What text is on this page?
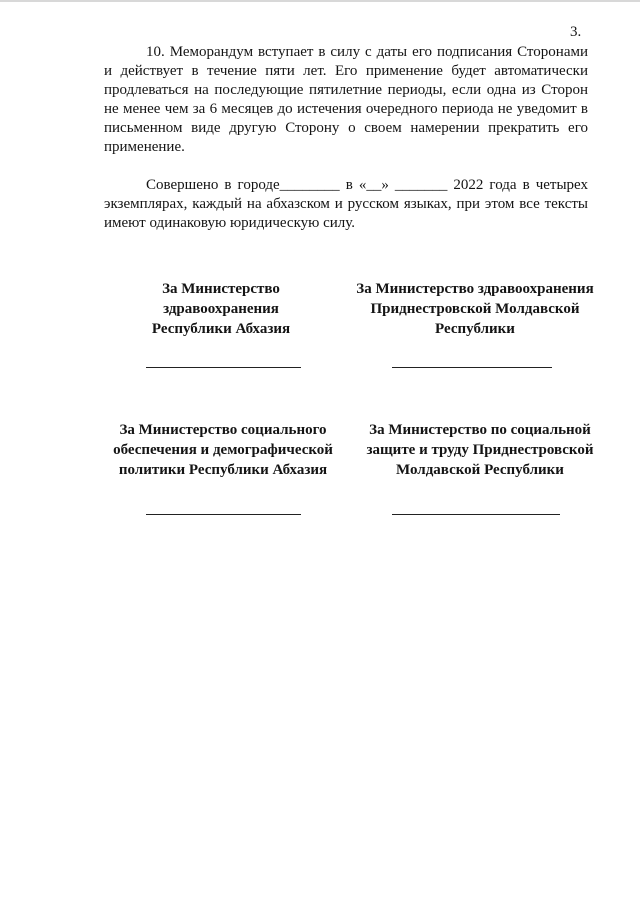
3.

10. Меморандум вступает в силу с даты его подписания Сторонами и действует в течение пяти лет. Его применение будет автоматически продлеваться на последующие пятилетние периоды, если одна из Сторон не менее чем за 6 месяцев до истечения очередного периода не уведомит в письменном виде другую Сторону о своем намерении прекратить его применение.

Совершено в городе________ в «__» _______ 2022 года в четырех экземплярах, каждый на абхазском и русском языках, при этом все тексты имеют одинаковую юридическую силу.

За Министерство
здравоохранения
Республики Абхазия
За Министерство здравоохранения
Приднестровской Молдавской
Республики
За Министерство социального
обеспечения и демографической
политики Республики Абхазия
За Министерство по социальной
защите и труду Приднестровской
Молдавской Республики
